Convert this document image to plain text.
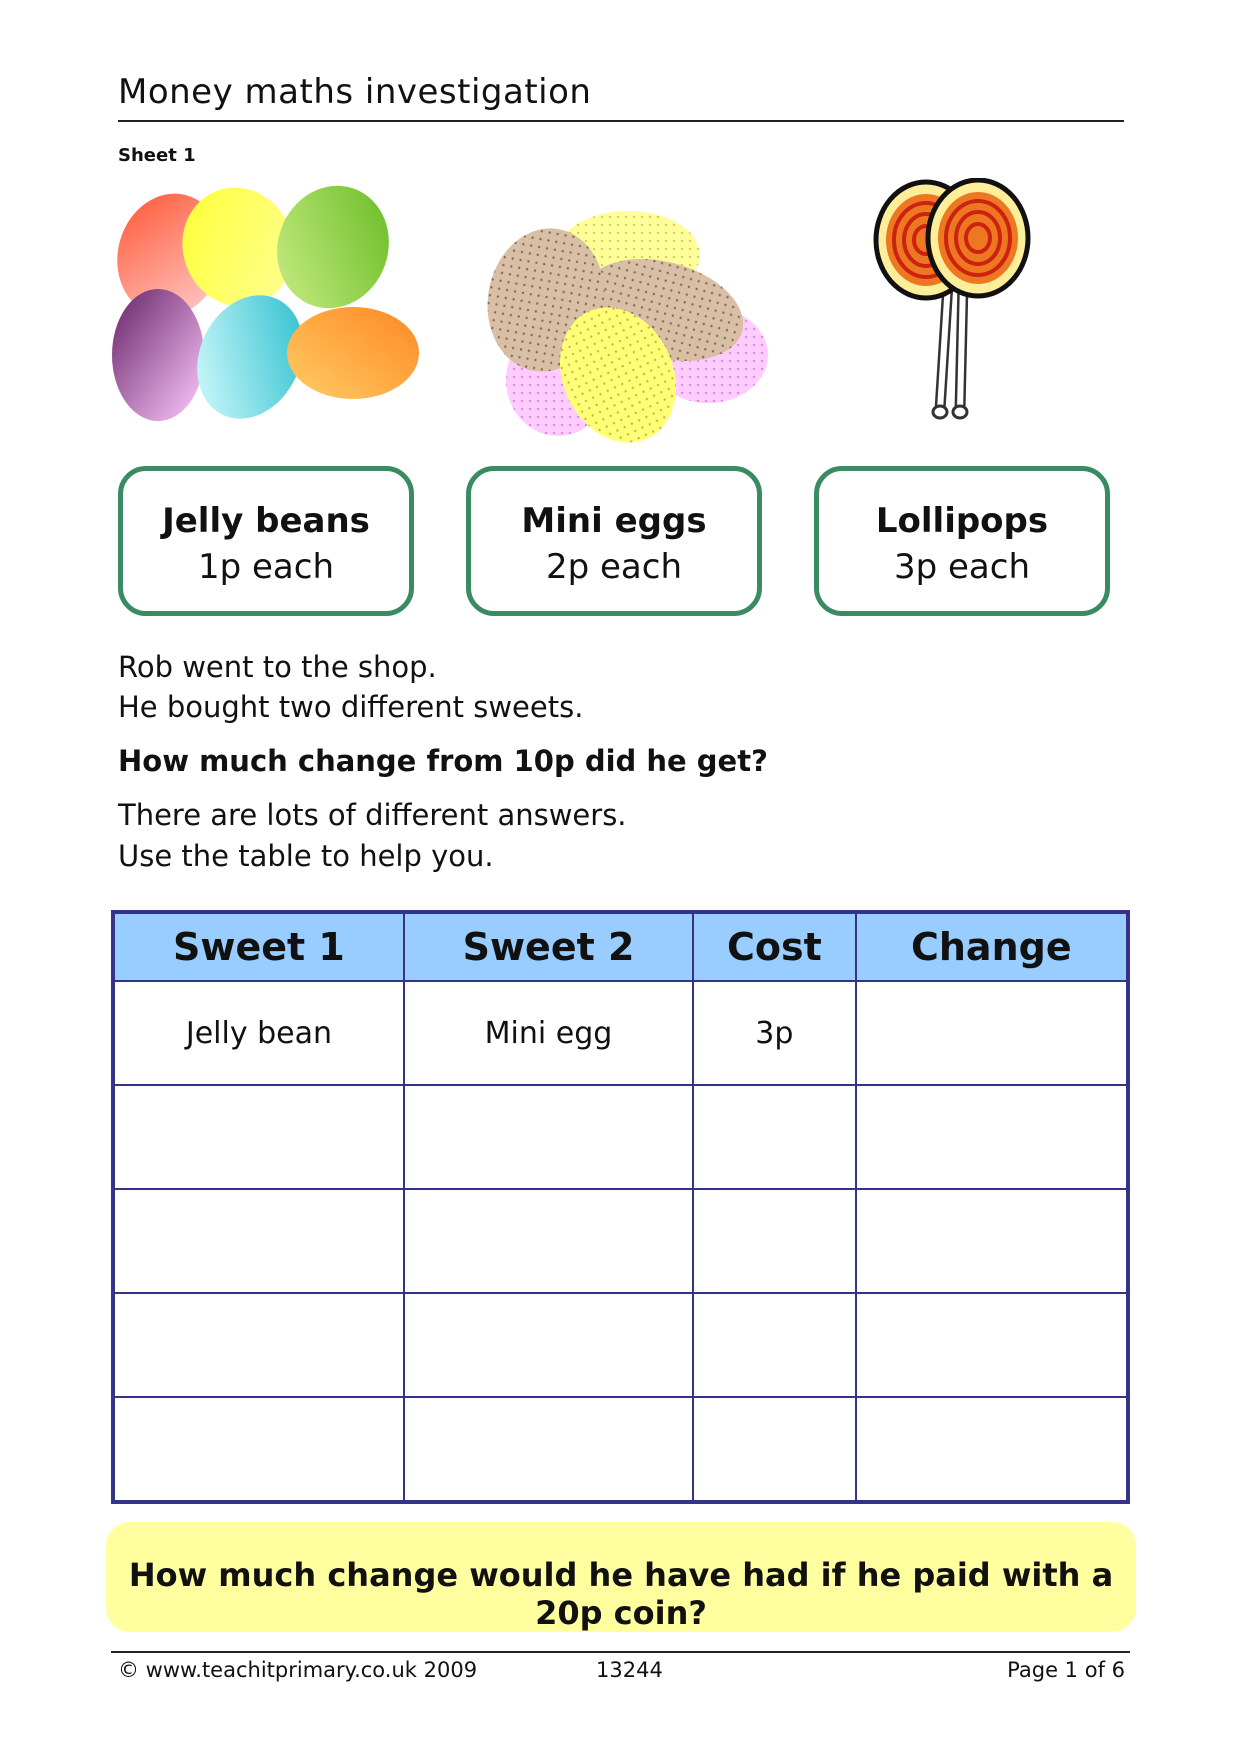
Money maths investigation
Sheet 1
Jelly beans
1p each
Mini eggs
2p each
Lollipops
3p each
Rob went to the shop.
He bought two different sweets.
How much change from 10p did he get?
There are lots of different answers.
Use the table to help you.
Sweet 1	Sweet 2	Cost	Change
Jelly bean	Mini egg	3p	

How much change would he have had if he paid with a 20p coin?
© www.teachitprimary.co.uk 2009	13244	Page 1 of 6
